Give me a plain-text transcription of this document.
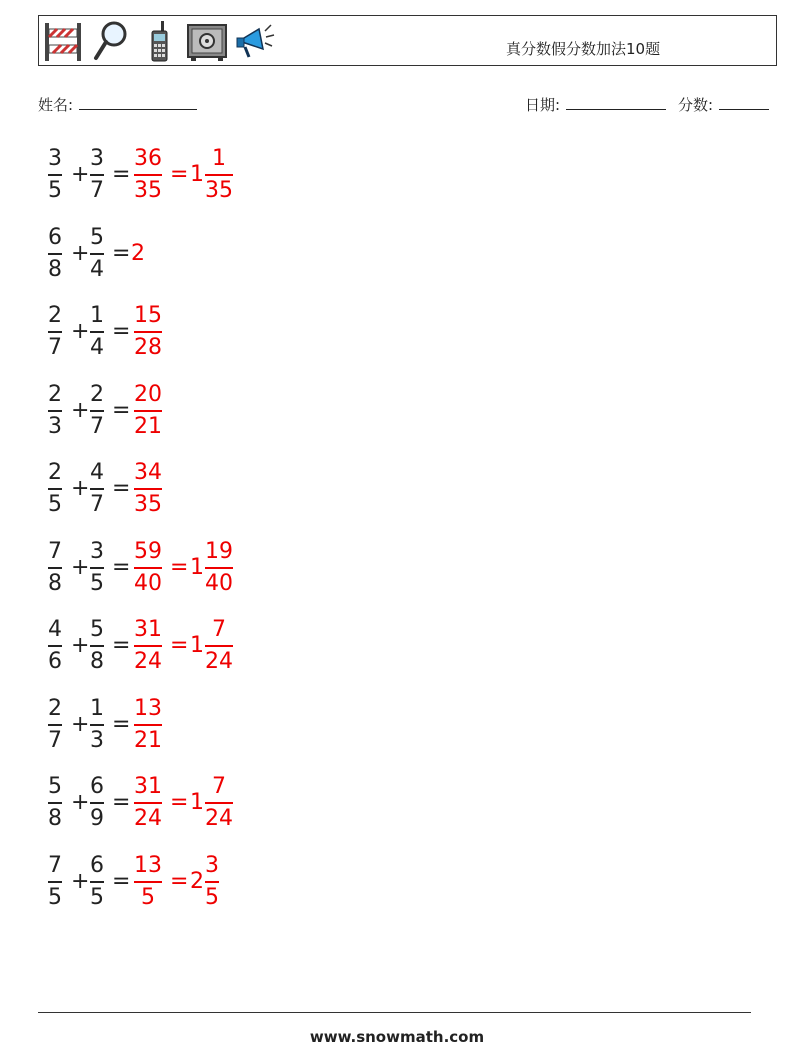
真分数假分数加法10题
姓名:	日期:	分数:
3
5
+
3
7
=
36
35
= 1
1
35
6
8
+
5
4
= 2
2
7
+
1
4
=
15
28
2
3
+
2
7
=
20
21
2
5
+
4
7
=
34
35
7
8
+
3
5
=
59
40
= 1
19
40
4
6
+
5
8
=
31
24
= 1
7
24
2
7
+
1
3
=
13
21
5
8
+
6
9
=
31
24
= 1
7
24
7
5
+
6
5
=
13
5
= 2
3
5
www.snowmath.com
